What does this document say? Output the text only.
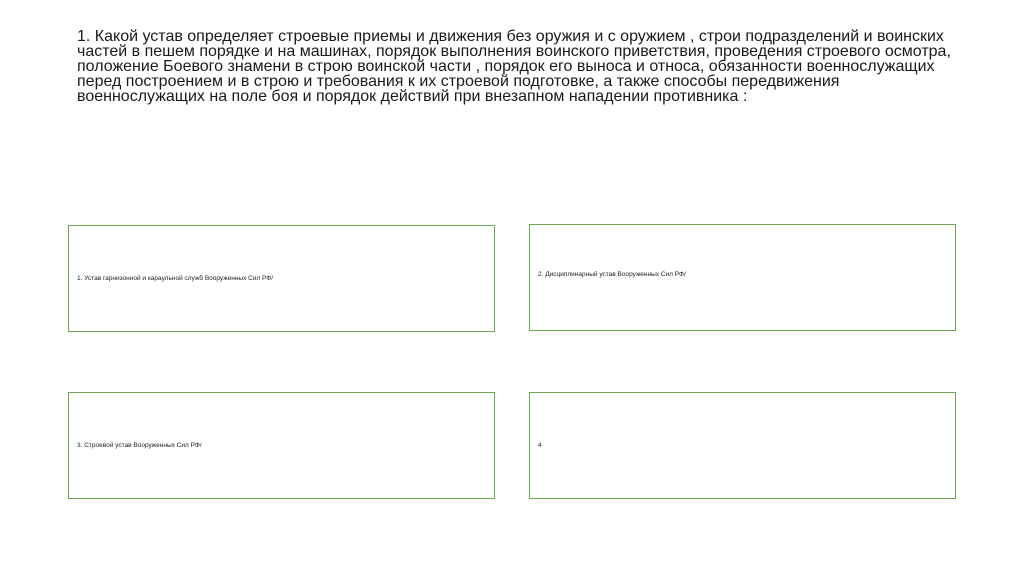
1. Какой устав определяет строевые приемы и движения без оружия и с оружием , строи подразделений и воинских частей в пешем порядке и на машинах, порядок выполнения воинского приветствия, проведения строевого осмотра, положение Боевого знамени в строю воинской части , порядок его выноса и относа, обязанности военнослужащих перед построением и в строю и требования к их строевой подготовке, а также способы передвижения военнослужащих на поле боя и порядок действий при внезапном нападении противника :

1. Устав гарнизонной и караульной служб Вооруженных Сил РФ/	2. Дисциплинарный устав Вооруженных Сил РФ/
3. Строевой устав Вооруженных Сил РФ/	4
